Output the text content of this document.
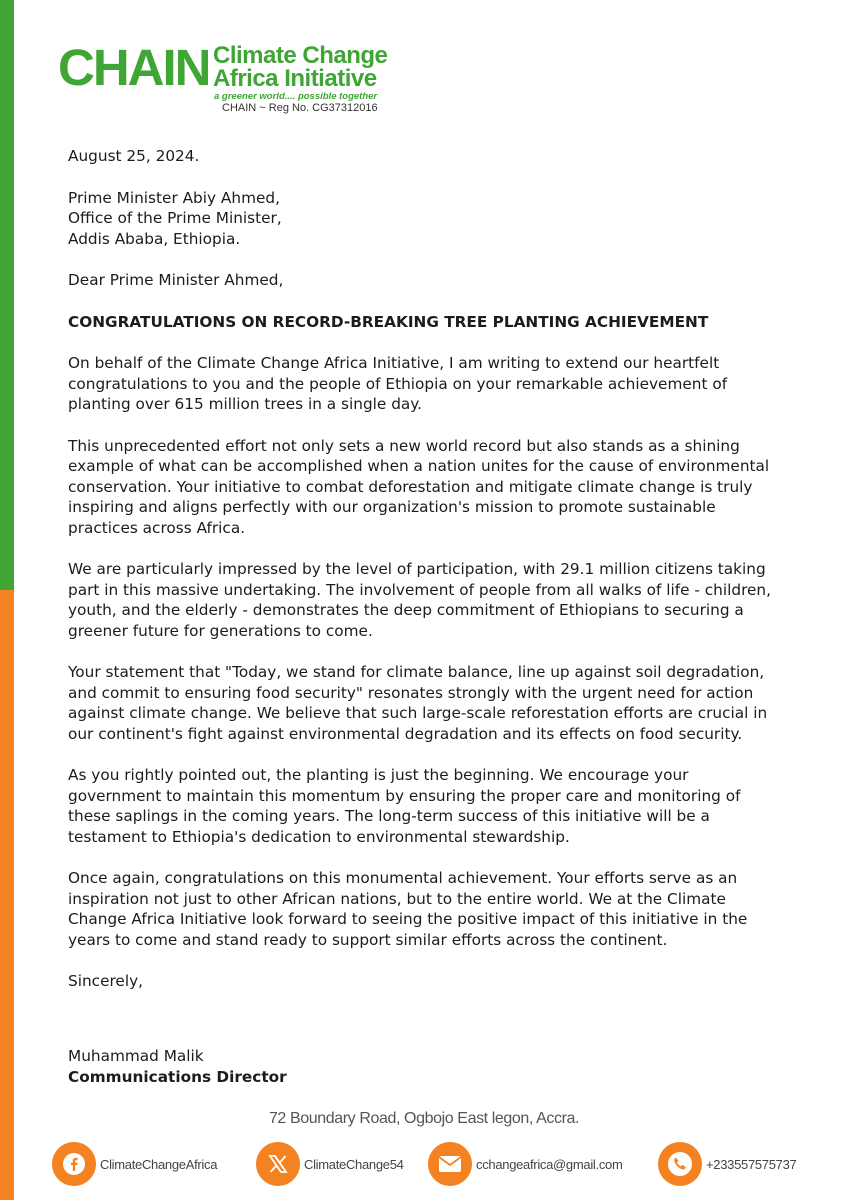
CHAIN Climate Change
Africa Initiative
a greener world.... possible together
CHAIN ~ Reg No. CG37312016

August 25, 2024.

Prime Minister Abiy Ahmed,
Office of the Prime Minister,
Addis Ababa, Ethiopia.

Dear Prime Minister Ahmed,

CONGRATULATIONS ON RECORD-BREAKING TREE PLANTING ACHIEVEMENT

On behalf of the Climate Change Africa Initiative, I am writing to extend our heartfelt congratulations to you and the people of Ethiopia on your remarkable achievement of planting over 615 million trees in a single day.

This unprecedented effort not only sets a new world record but also stands as a shining example of what can be accomplished when a nation unites for the cause of environmental conservation. Your initiative to combat deforestation and mitigate climate change is truly inspiring and aligns perfectly with our organization's mission to promote sustainable practices across Africa.

We are particularly impressed by the level of participation, with 29.1 million citizens taking part in this massive undertaking. The involvement of people from all walks of life - children, youth, and the elderly - demonstrates the deep commitment of Ethiopians to securing a greener future for generations to come.

Your statement that "Today, we stand for climate balance, line up against soil degradation, and commit to ensuring food security" resonates strongly with the urgent need for action against climate change. We believe that such large-scale reforestation efforts are crucial in our continent's fight against environmental degradation and its effects on food security.

As you rightly pointed out, the planting is just the beginning. We encourage your government to maintain this momentum by ensuring the proper care and monitoring of these saplings in the coming years. The long-term success of this initiative will be a testament to Ethiopia's dedication to environmental stewardship.

Once again, congratulations on this monumental achievement. Your efforts serve as an inspiration not just to other African nations, but to the entire world. We at the Climate Change Africa Initiative look forward to seeing the positive impact of this initiative in the years to come and stand ready to support similar efforts across the continent.

Sincerely,

Muhammad Malik
Communications Director
72 Boundary Road, Ogbojo East legon, Accra.
ClimateChangeAfrica	ClimateChange54	cchangeafrica@gmail.com	+233557575737
